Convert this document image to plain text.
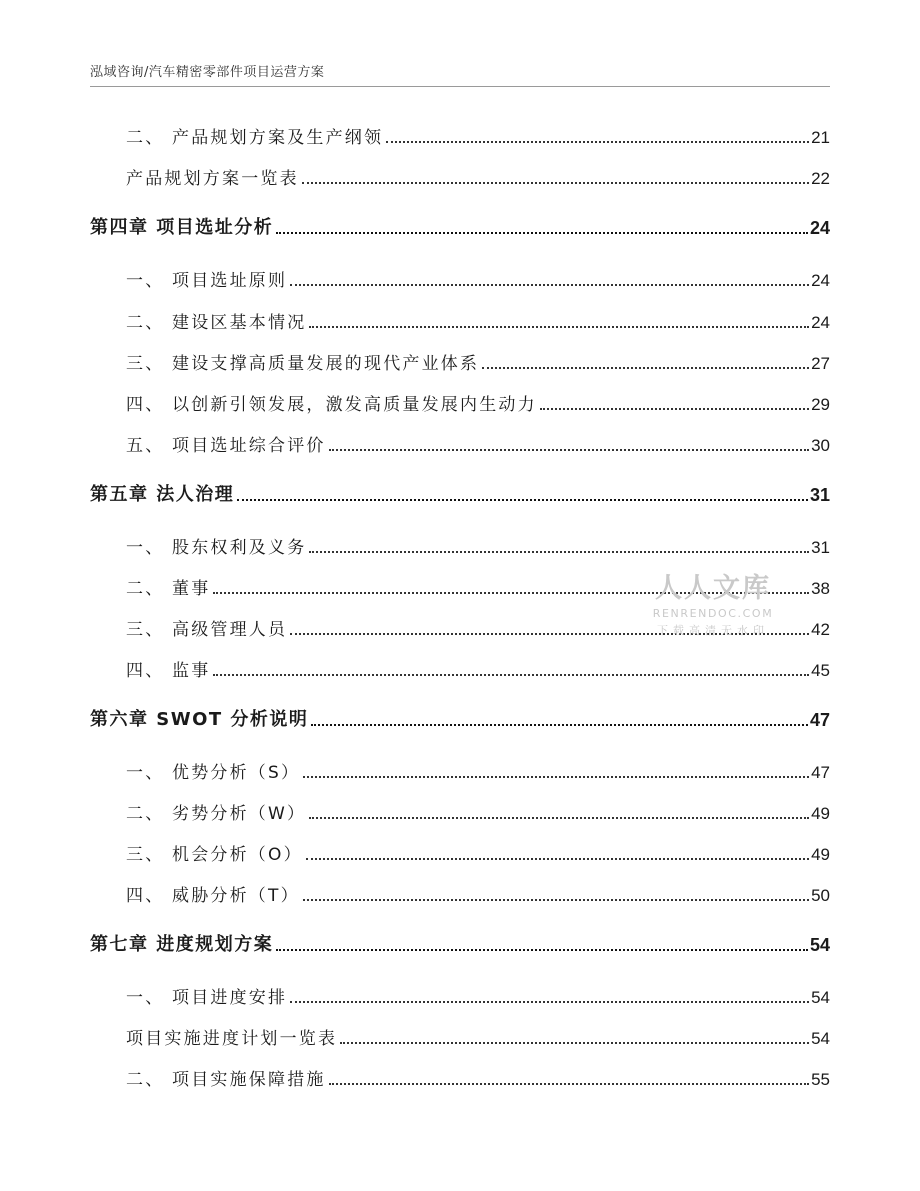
泓域咨询/汽车精密零部件项目运营方案
二、 产品规划方案及生产纲领	21
产品规划方案一览表	22
第四章 项目选址分析	24
一、 项目选址原则	24
二、 建设区基本情况	24
三、 建设支撑高质量发展的现代产业体系	27
四、 以创新引领发展，激发高质量发展内生动力	29
五、 项目选址综合评价	30
第五章 法人治理	31
一、 股东权利及义务	31
二、 董事	38
三、 高级管理人员	42
四、 监事	45
第六章 SWOT 分析说明	47
一、 优势分析（S）	47
二、 劣势分析（W）	49
三、 机会分析（O）	49
四、 威胁分析（T）	50
第七章 进度规划方案	54
一、 项目进度安排	54
项目实施进度计划一览表	54
二、 项目实施保障措施	55
人人文库
RENRENDOC.COM
下载高清无水印
